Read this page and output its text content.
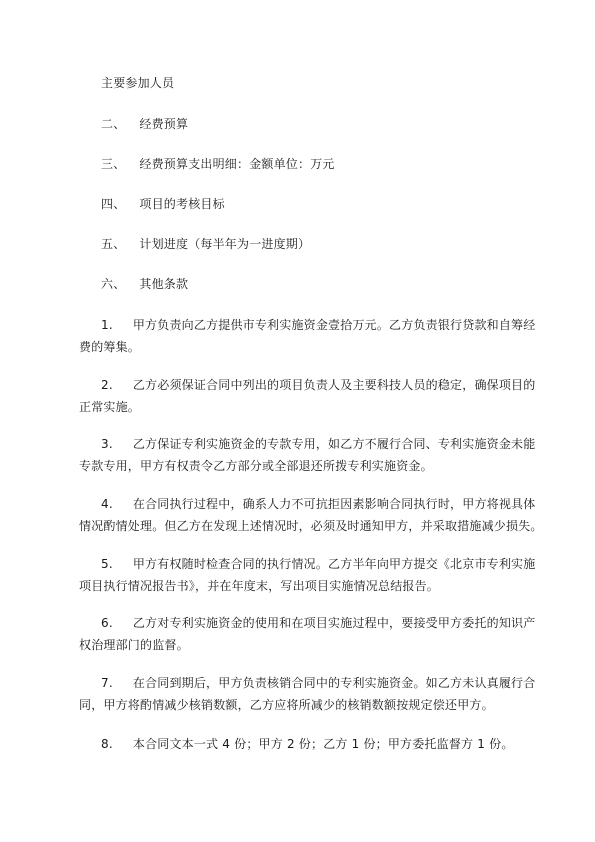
主要参加人员
二、 经费预算
三、 经费预算支出明细：金额单位：万元
四、 项目的考核目标
五、 计划进度（每半年为一进度期）
六、 其他条款
1. 甲方负责向乙方提供市专利实施资金壹拾万元。乙方负责银行贷款和自筹经
费的筹集。
2. 乙方必须保证合同中列出的项目负责人及主要科技人员的稳定，确保项目的
正常实施。
3. 乙方保证专利实施资金的专款专用，如乙方不履行合同、专利实施资金未能
专款专用，甲方有权责令乙方部分或全部退还所拨专利实施资金。
4. 在合同执行过程中，确系人力不可抗拒因素影响合同执行时，甲方将视具体
情况酌情处理。但乙方在发现上述情况时，必须及时通知甲方，并采取措施减少损失。
5. 甲方有权随时检查合同的执行情况。乙方半年向甲方提交《北京市专利实施
项目执行情况报告书》，并在年度末，写出项目实施情况总结报告。
6. 乙方对专利实施资金的使用和在项目实施过程中，要接受甲方委托的知识产
权治理部门的监督。
7. 在合同到期后，甲方负责核销合同中的专利实施资金。如乙方未认真履行合
同，甲方将酌情减少核销数额，乙方应将所减少的核销数额按规定偿还甲方。
8. 本合同文本一式 4 份；甲方 2 份；乙方 1 份；甲方委托监督方 1 份。
